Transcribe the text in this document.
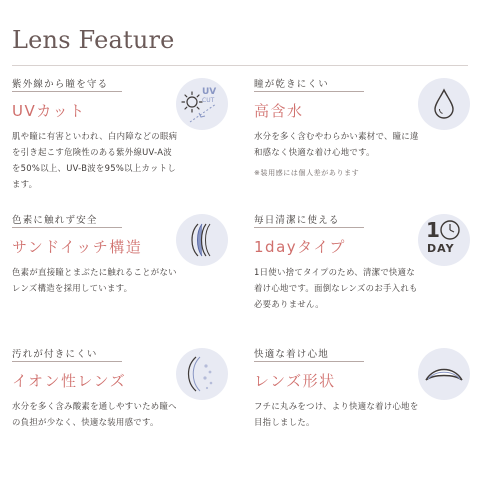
Lens Feature
紫外線から瞳を守る
UVカット
肌や瞳に有害といわれ、白内障などの眼病を引き起こす危険性のある紫外線UV-A波を50%以上、UV-B波を95%以上カットします。
UV
CUT
瞳が乾きにくい
高含水
水分を多く含むやわらかい素材で、瞳に違和感なく快適な着け心地です。
※装用感には個人差があります
色素に触れず安全
サンドイッチ構造
色素が直接瞳とまぶたに触れることがないレンズ構造を採用しています。
毎日清潔に使える
1dayタイプ
1日使い捨てタイプのため、清潔で快適な着け心地です。面倒なレンズのお手入れも必要ありません。
1
DAY
汚れが付きにくい
イオン性レンズ
水分を多く含み酸素を通しやすいため瞳への負担が少なく、快適な装用感です。
快適な着け心地
レンズ形状
フチに丸みをつけ、より快適な着け心地を目指しました。
